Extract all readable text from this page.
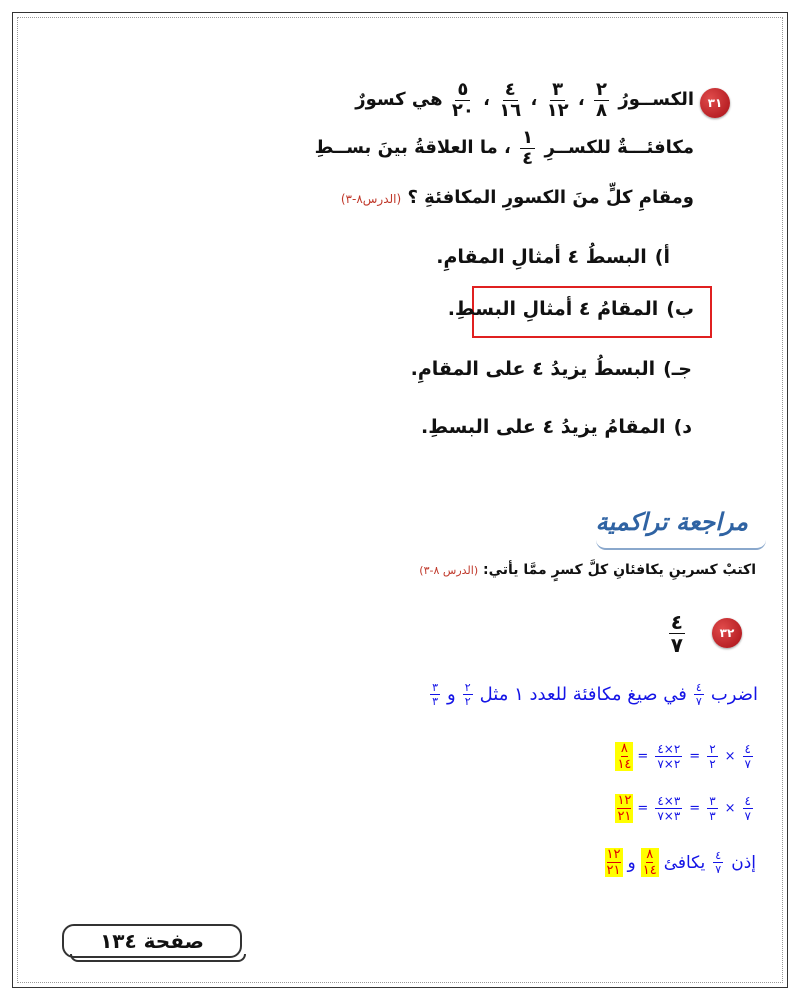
٣١
الكســورُ
$\frac{٢}{٨}$
،
$\frac{٣}{١٢}$
،
$\frac{٤}{١٦}$
،
$\frac{٥}{٢٠}$
هي كسورٌ
مكافئـــةٌ للكســرِ
$\frac{١}{٤}$
، ما العلاقةُ بينَ بســطِ
ومقامِ كلٍّ منَ الكسورِ المكافئةِ ؟ (الدرس٨-٣)
أ)البسطُ ٤ أمثالِ المقامِ.
ب)المقامُ ٤ أمثالِ البسطِ.
جـ)البسطُ يزيدُ ٤ على المقامِ.
د)المقامُ يزيدُ ٤ على البسطِ.
مراجعة تراكمية
اكتبْ كسرينِ يكافئانِ كلَّ كسرٍ ممَّا يأتي: (الدرس ٨-٣)
٣٢
$\frac{٤}{٧}$
اضرب
$\frac{٤}{٧}$
في صيغ مكافئة للعدد ١ مثل
$\frac{٢}{٢}$
و
$\frac{٣}{٣}$
٨
١٤
= $\frac{٢\times ٤}{٢\times ٧} = \frac{٢}{٢} \times \frac{٤}{٧}$
١٢
٢١
= $\frac{٣\times ٤}{٣\times ٧} = \frac{٣}{٣} \times \frac{٤}{٧}$
إذن
$\frac{٤}{٧}$
يكافئ
٨
١٤
و
١٢
٢١
صفحة ١٣٤
